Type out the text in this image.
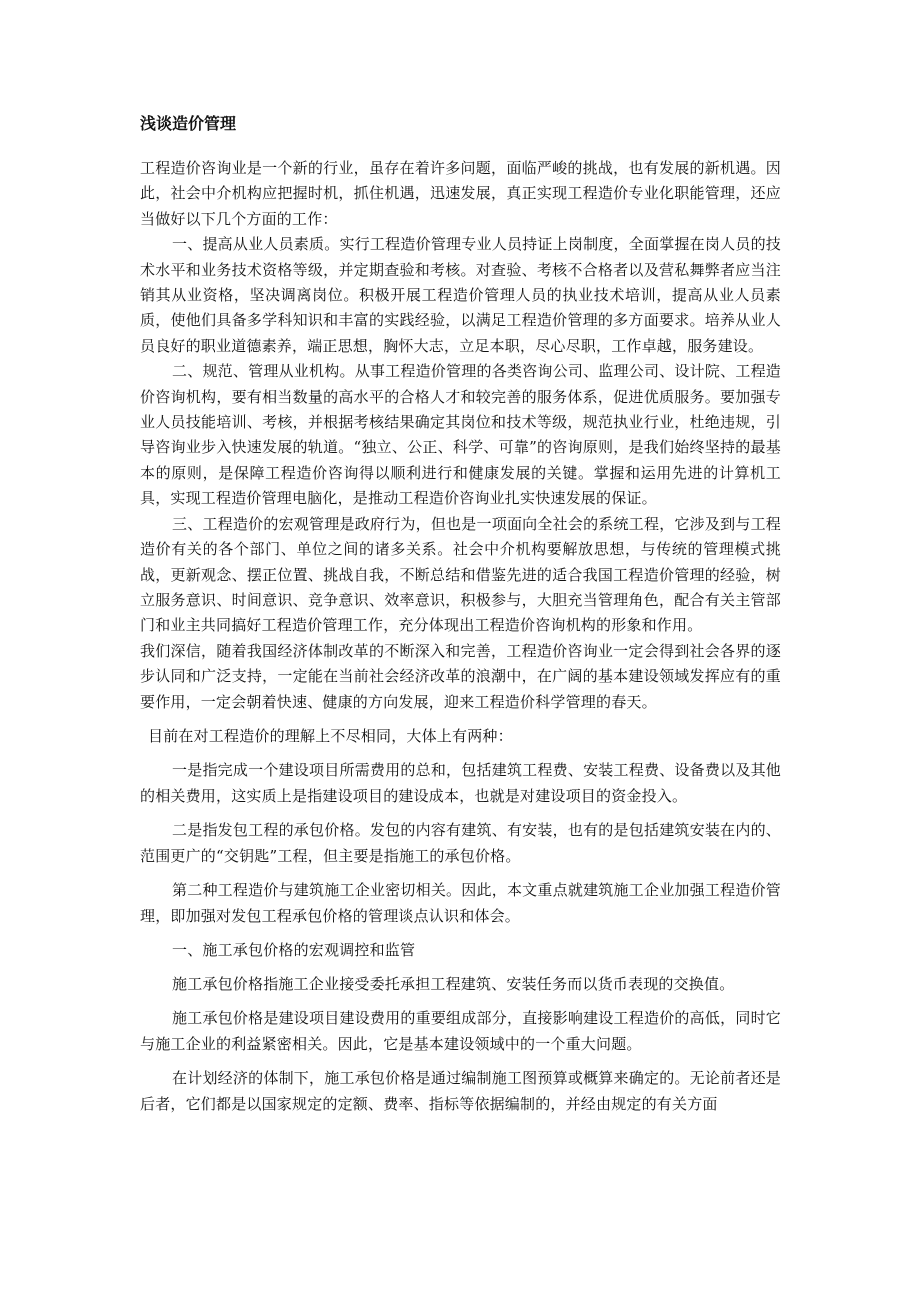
浅谈造价管理

工程造价咨询业是一个新的行业，虽存在着许多问题，面临严峻的挑战，也有发展的新机遇。因此，社会中介机构应把握时机，抓住机遇，迅速发展，真正实现工程造价专业化职能管理，还应当做好以下几个方面的工作：

一、提高从业人员素质。实行工程造价管理专业人员持证上岗制度，全面掌握在岗人员的技术水平和业务技术资格等级，并定期查验和考核。对查验、考核不合格者以及营私舞弊者应当注销其从业资格，坚决调离岗位。积极开展工程造价管理人员的执业技术培训，提高从业人员素质，使他们具备多学科知识和丰富的实践经验，以满足工程造价管理的多方面要求。培养从业人员良好的职业道德素养，端正思想，胸怀大志，立足本职，尽心尽职，工作卓越，服务建设。

二、规范、管理从业机构。从事工程造价管理的各类咨询公司、监理公司、设计院、工程造价咨询机构，要有相当数量的高水平的合格人才和较完善的服务体系，促进优质服务。要加强专业人员技能培训、考核，并根据考核结果确定其岗位和技术等级，规范执业行业，杜绝违规，引导咨询业步入快速发展的轨道。“独立、公正、科学、可靠”的咨询原则，是我们始终坚持的最基本的原则，是保障工程造价咨询得以顺利进行和健康发展的关键。掌握和运用先进的计算机工具，实现工程造价管理电脑化，是推动工程造价咨询业扎实快速发展的保证。

三、工程造价的宏观管理是政府行为，但也是一项面向全社会的系统工程，它涉及到与工程造价有关的各个部门、单位之间的诸多关系。社会中介机构要解放思想，与传统的管理模式挑战，更新观念、摆正位置、挑战自我，不断总结和借鉴先进的适合我国工程造价管理的经验，树立服务意识、时间意识、竞争意识、效率意识，积极参与，大胆充当管理角色，配合有关主管部门和业主共同搞好工程造价管理工作，充分体现出工程造价咨询机构的形象和作用。

我们深信，随着我国经济体制改革的不断深入和完善，工程造价咨询业一定会得到社会各界的逐步认同和广泛支持，一定能在当前社会经济改革的浪潮中，在广阔的基本建设领域发挥应有的重要作用，一定会朝着快速、健康的方向发展，迎来工程造价科学管理的春天。

目前在对工程造价的理解上不尽相同，大体上有两种：

一是指完成一个建设项目所需费用的总和，包括建筑工程费、安装工程费、设备费以及其他的相关费用，这实质上是指建设项目的建设成本，也就是对建设项目的资金投入。

二是指发包工程的承包价格。发包的内容有建筑、有安装，也有的是包括建筑安装在内的、范围更广的“交钥匙”工程，但主要是指施工的承包价格。

第二种工程造价与建筑施工企业密切相关。因此，本文重点就建筑施工企业加强工程造价管理，即加强对发包工程承包价格的管理谈点认识和体会。

一、施工承包价格的宏观调控和监管

施工承包价格指施工企业接受委托承担工程建筑、安装任务而以货币表现的交换值。

施工承包价格是建设项目建设费用的重要组成部分，直接影响建设工程造价的高低，同时它与施工企业的利益紧密相关。因此，它是基本建设领域中的一个重大问题。

在计划经济的体制下，施工承包价格是通过编制施工图预算或概算来确定的。无论前者还是后者，它们都是以国家规定的定额、费率、指标等依据编制的，并经由规定的有关方面
